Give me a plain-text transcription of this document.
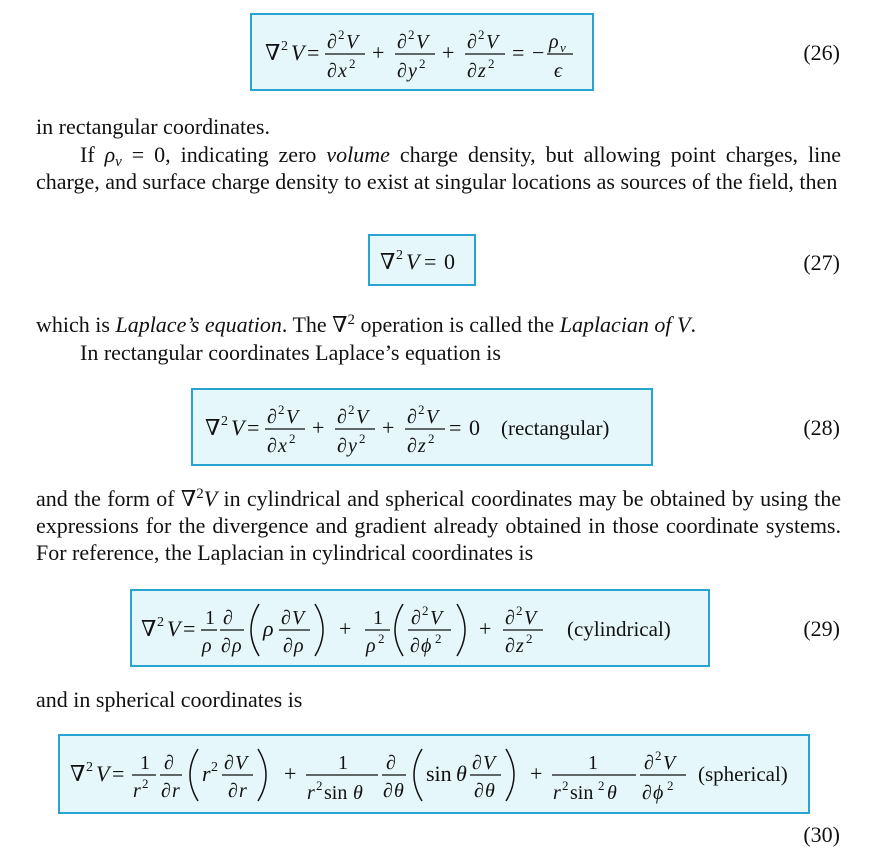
∇ 2 V = ∂ 2 V
∂ x 2 + ∂ 2 V
∂ y 2 + ∂ 2 V
∂ z 2 = − ρ v
ϵ
(26)
in rectangular coordinates.
If $\rho_v = 0$, indicating zero volume charge density, but allowing point charges, line charge, and surface charge density to exist at singular locations as sources of the field, then
∇ 2 V = 0	(27)
which is Laplace’s equation. The ∇$^2$ operation is called the Laplacian of V.
In rectangular coordinates Laplace’s equation is
∇ 2 V = ∂ 2 V
∂ x 2 + ∂ 2 V
∂ y 2 + ∂ 2 V
∂ z 2 = 0 (rectangular)	(28)
and the form of ∇$^2$V in cylindrical and spherical coordinates may be obtained by using the expressions for the divergence and gradient already obtained in those coordinate systems. For reference, the Laplacian in cylindrical coordinates is
∇ 2 V = 1
ρ
∂
∂ ρ
ρ ∂ V
∂ ρ
+ 1
ρ 2
∂ 2 V
∂ ϕ 2 + ∂ 2 V
∂ z 2 (cylindrical)	(29)
and in spherical coordinates is
∇ 2 V = 1
r 2
∂
∂ r
r 2 ∂ V
∂ r
+ 1
r 2 sin θ
∂
∂ θ
sin θ ∂ V
∂ θ
+ 1
r 2 sin 2 θ
∂ 2 V
∂ ϕ 2 (spherical)
(30)
